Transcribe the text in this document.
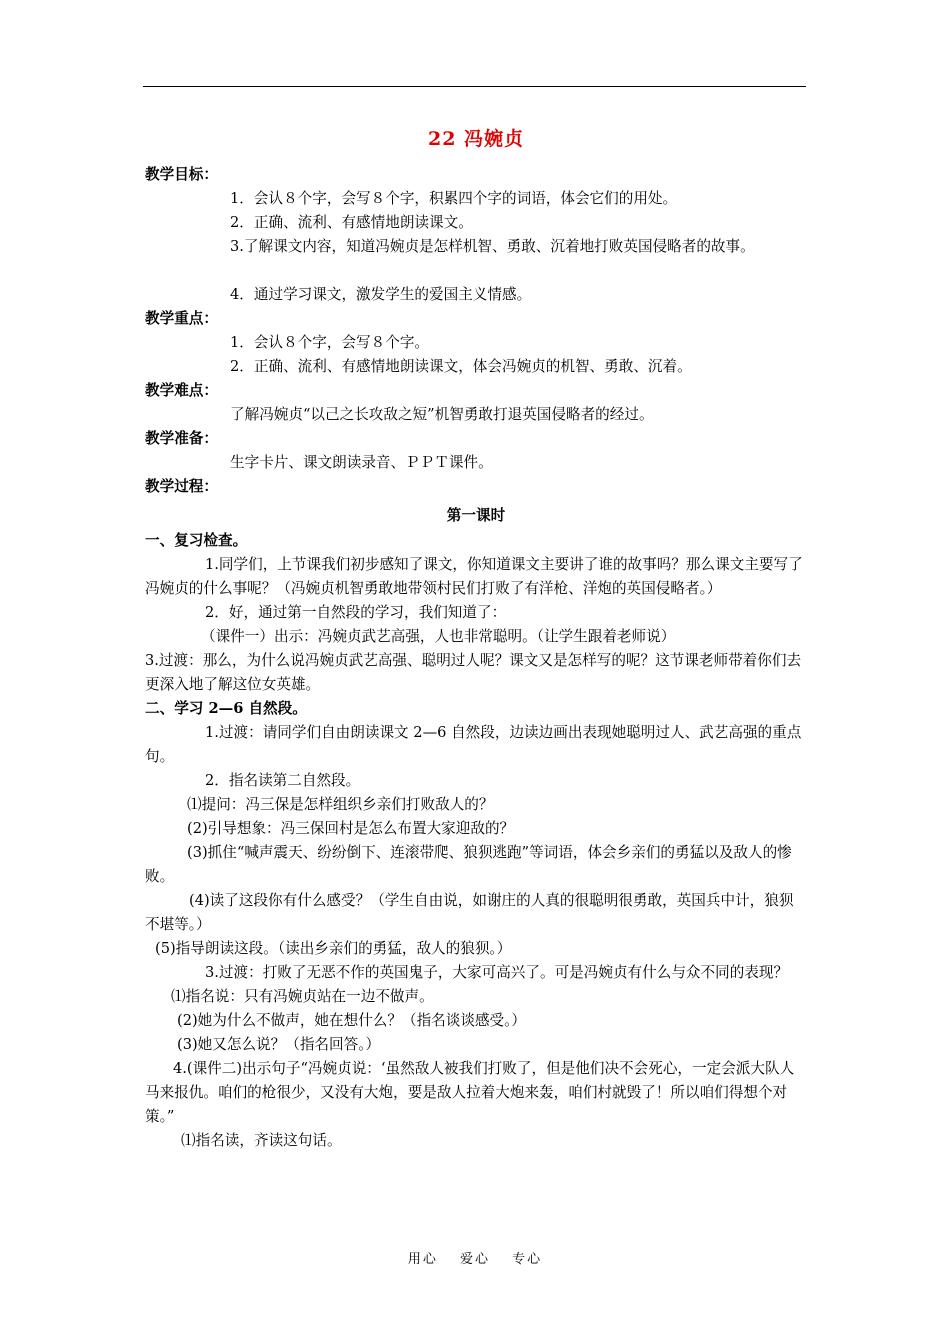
22 冯婉贞
教学目标：
1．会认８个字，会写８个字，积累四个字的词语，体会它们的用处。
2．正确、流利、有感情地朗读课文。
3.了解课文内容，知道冯婉贞是怎样机智、勇敢、沉着地打败英国侵略者的故事。
4．通过学习课文，激发学生的爱国主义情感。
教学重点：
1．会认８个字，会写８个字。
2．正确、流利、有感情地朗读课文，体会冯婉贞的机智、勇敢、沉着。
教学难点：
了解冯婉贞“以己之长攻敌之短”机智勇敢打退英国侵略者的经过。
教学准备：
生字卡片、课文朗读录音、ＰＰＴ课件。
教学过程：
第一课时
一、复习检查。
1.同学们，上节课我们初步感知了课文，你知道课文主要讲了谁的故事吗？那么课文主要写了冯婉贞的什么事呢？（冯婉贞机智勇敢地带领村民们打败了有洋枪、洋炮的英国侵略者。）
2．好，通过第一自然段的学习，我们知道了：
（课件一）出示：冯婉贞武艺高强，人也非常聪明。（让学生跟着老师说）
3.过渡：那么，为什么说冯婉贞武艺高强、聪明过人呢？课文又是怎样写的呢？这节课老师带着你们去更深入地了解这位女英雄。
二、学习 2—6 自然段。
1.过渡：请同学们自由朗读课文 2—6 自然段，边读边画出表现她聪明过人、武艺高强的重点句。
2．指名读第二自然段。
⑴提问：冯三保是怎样组织乡亲们打败敌人的？
(2)引导想象：冯三保回村是怎么布置大家迎敌的？
(3)抓住“喊声震天、纷纷倒下、连滚带爬、狼狈逃跑”等词语，体会乡亲们的勇猛以及敌人的惨败。
(4)读了这段你有什么感受？（学生自由说，如谢庄的人真的很聪明很勇敢，英国兵中计，狼狈不堪等。）
(5)指导朗读这段。（读出乡亲们的勇猛，敌人的狼狈。）
3.过渡：打败了无恶不作的英国鬼子，大家可高兴了。可是冯婉贞有什么与众不同的表现？
⑴指名说：只有冯婉贞站在一边不做声。
(2)她为什么不做声，她在想什么？（指名谈谈感受。）
(3)她又怎么说？（指名回答。）
4.(课件二)出示句子“冯婉贞说：‘虽然敌人被我们打败了，但是他们决不会死心，一定会派大队人马来报仇。咱们的枪很少，又没有大炮，要是敌人拉着大炮来轰，咱们村就毁了！所以咱们得想个对策。”
⑴指名读，齐读这句话。
用心 爱心 专心
